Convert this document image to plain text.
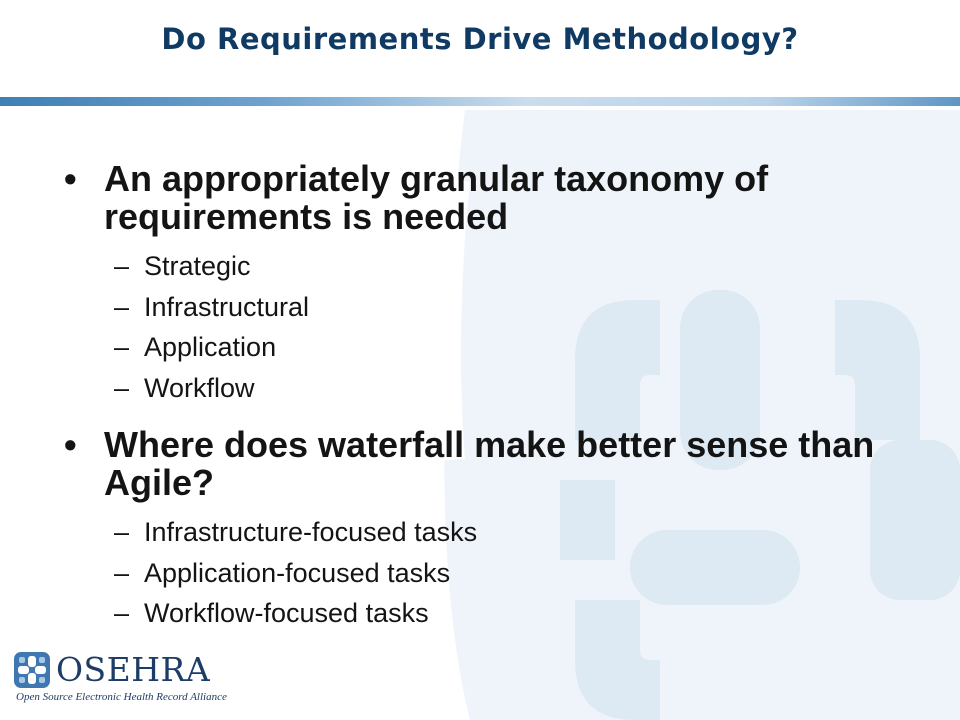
Do Requirements Drive Methodology?
• An appropriately granular taxonomy of requirements is needed
– Strategic
– Infrastructural
– Application
– Workflow
• Where does waterfall make better sense than Agile?
– Infrastructure-focused tasks
– Application-focused tasks
– Workflow-focused tasks
OSEHRA
Open Source Electronic Health Record Alliance
